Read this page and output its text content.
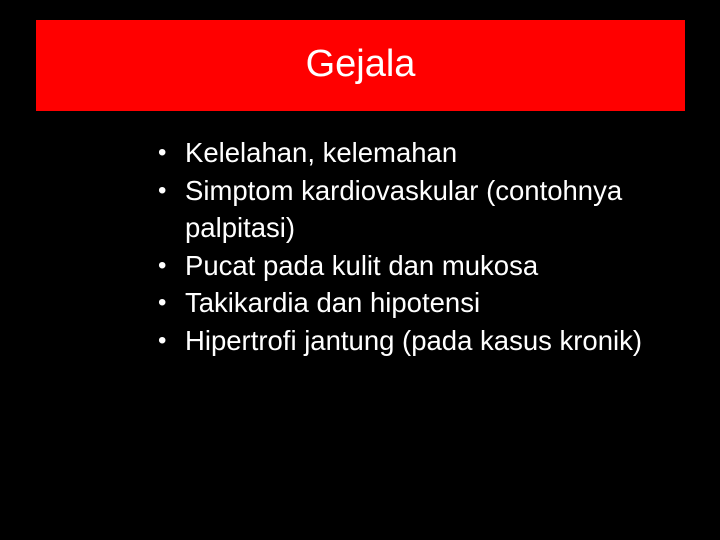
Gejala
• Kelelahan, kelemahan
• Simptom kardiovaskular (contohnya palpitasi)
• Pucat pada kulit dan mukosa
• Takikardia dan hipotensi
• Hipertrofi jantung (pada kasus kronik)
